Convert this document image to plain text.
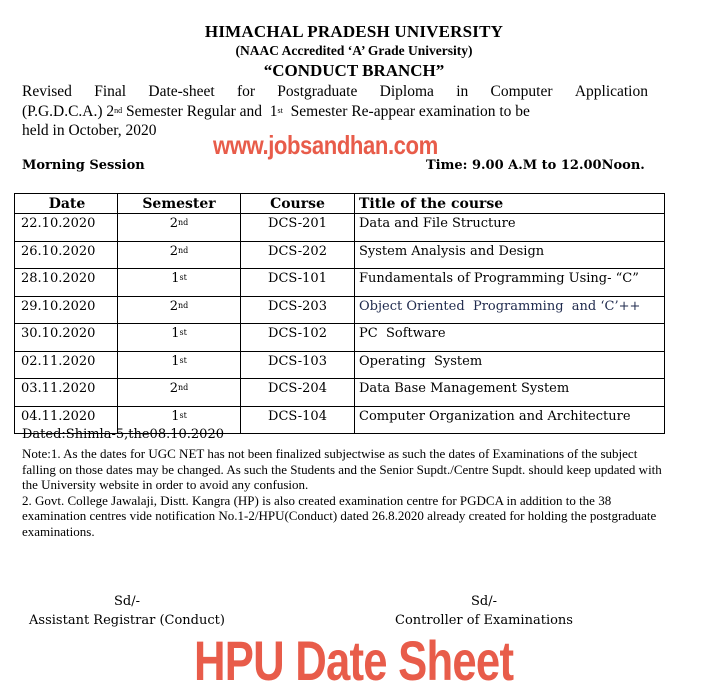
HIMACHAL PRADESH UNIVERSITY
(NAAC Accredited ‘A’ Grade University)
“CONDUCT BRANCH”
Revised Final Date-sheet for Postgraduate Diploma in Computer Application
(P.G.D.C.A.) 2nd Semester Regular and  1st  Semester Re-appear examination to be
held in October, 2020	www.jobsandhan.com
Morning Session	Time: 9.00 A.M to 12.00Noon.
Date	Semester	Course	Title of the course
22.10.2020	2nd	DCS-201	Data and File Structure
26.10.2020	2nd	DCS-202	System Analysis and Design
28.10.2020	1st	DCS-101	Fundamentals of Programming Using- “C”
29.10.2020	2nd	DCS-203	Object Oriented  Programming  and ‘C’++
30.10.2020	1st	DCS-102	PC  Software
02.11.2020	1st	DCS-103	Operating  System
03.11.2020	2nd	DCS-204	Data Base Management System
04.11.2020	1st	DCS-104	Computer Organization and Architecture
Dated:Shimla-5,the08.10.2020

Note:1. As the dates for UGC NET has not been finalized subjectwise as such the dates of Examinations of the subject falling on those dates may be changed. As such the Students and the Senior Supdt./Centre Supdt. should keep updated with the University website in order to avoid any confusion.

2. Govt. College Jawalaji, Distt. Kangra (HP) is also created examination centre for PGDCA in addition to the 38 examination centres vide notification No.1-2/HPU(Conduct) dated 26.8.2020 already created for holding the postgraduate examinations.

Sd/-
Assistant Registrar (Conduct)
Sd/-
Controller of Examinations
HPU Date Sheet
